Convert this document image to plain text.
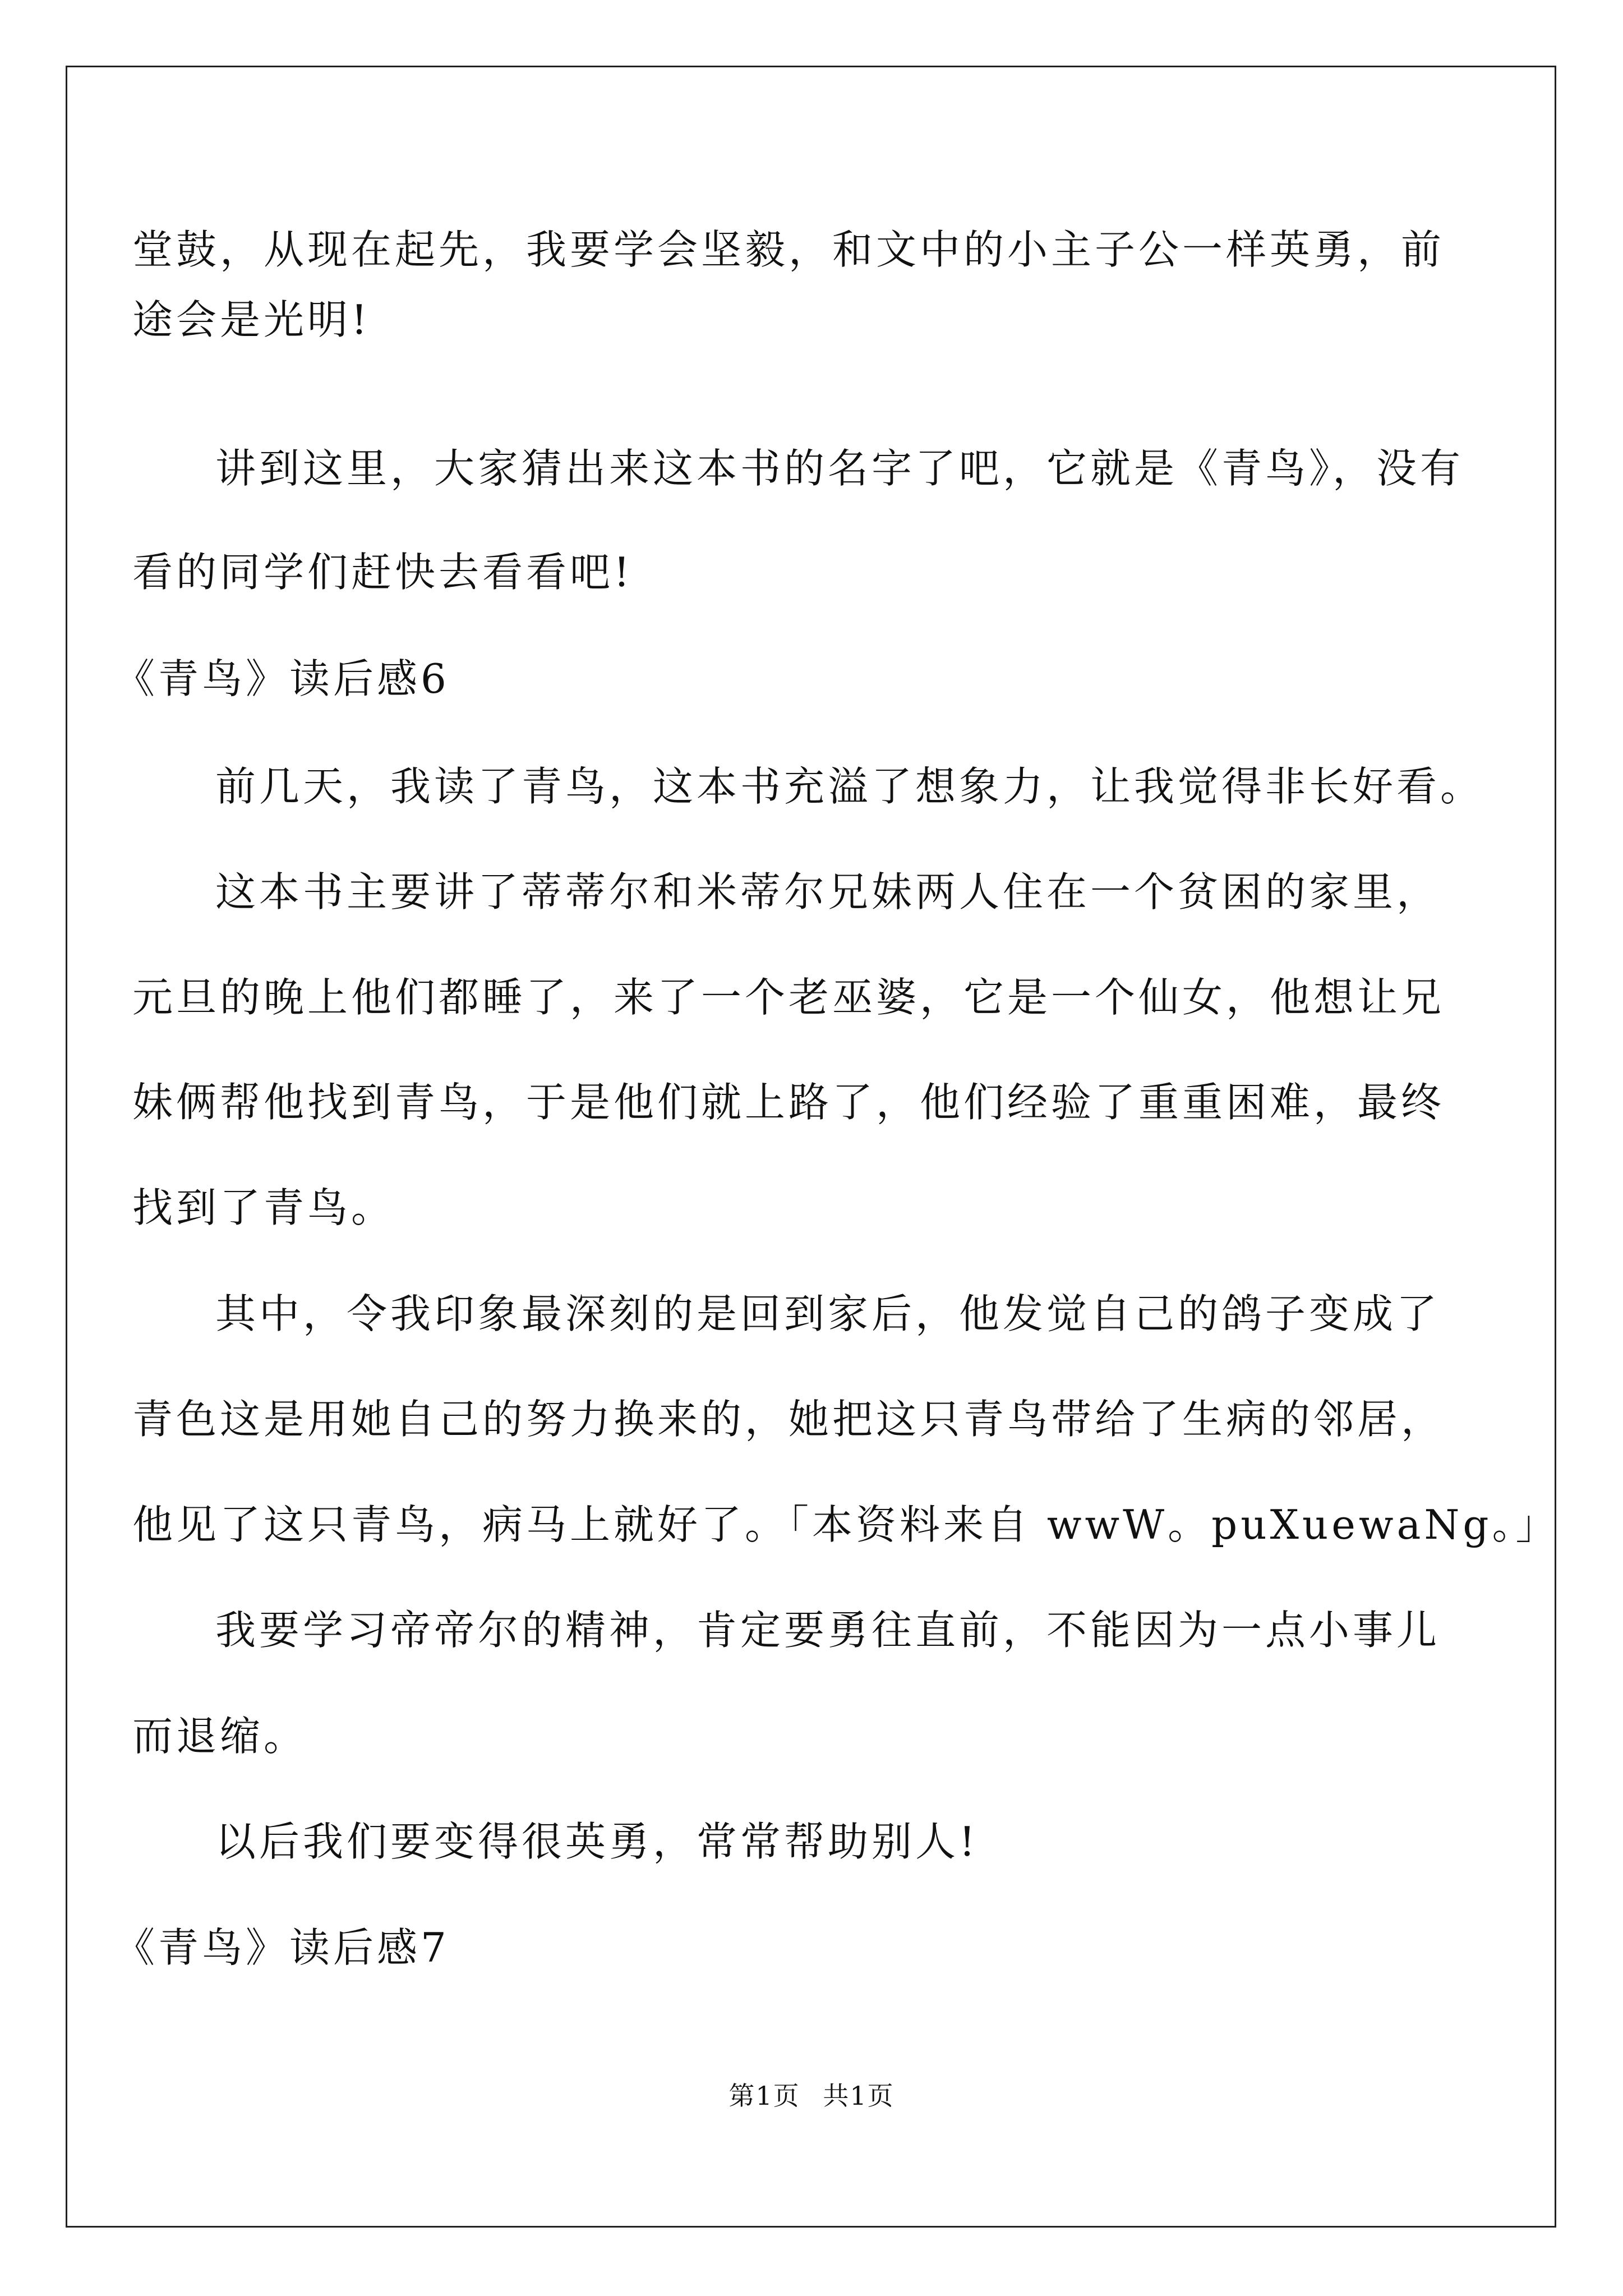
堂鼓，从现在起先，我要学会坚毅，和文中的小主子公一样英勇，前
途会是光明!
讲到这里，大家猜出来这本书的名字了吧，它就是《青鸟》，没有
看的同学们赶快去看看吧!
《青鸟》读后感6
前几天，我读了青鸟，这本书充溢了想象力，让我觉得非长好看。
这本书主要讲了蒂蒂尔和米蒂尔兄妹两人住在一个贫困的家里，
元旦的晚上他们都睡了，来了一个老巫婆，它是一个仙女，他想让兄
妹俩帮他找到青鸟，于是他们就上路了，他们经验了重重困难，最终
找到了青鸟。
其中，令我印象最深刻的是回到家后，他发觉自己的鸽子变成了
青色这是用她自己的努力换来的，她把这只青鸟带给了生病的邻居，
他见了这只青鸟，病马上就好了。「本资料来自 wwW。puXuewaNg。」
我要学习帝帝尔的精神，肯定要勇往直前，不能因为一点小事儿
而退缩。
以后我们要变得很英勇，常常帮助别人!
《青鸟》读后感7
第1页 共1页
